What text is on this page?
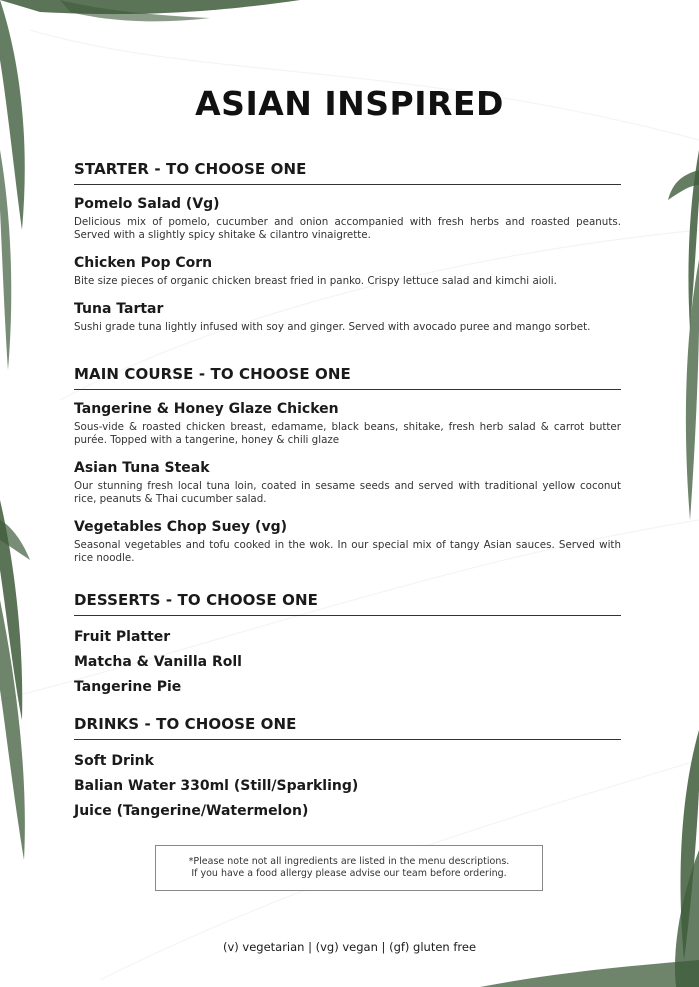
ASIAN INSPIRED
STARTER - TO CHOOSE ONE

Pomelo Salad (Vg)

Delicious mix of pomelo, cucumber and onion accompanied with fresh herbs and roasted peanuts. Served with a slightly spicy shitake & cilantro vinaigrette.

Chicken Pop Corn

Bite size pieces of organic chicken breast fried in panko. Crispy lettuce salad and kimchi aioli.

Tuna Tartar

Sushi grade tuna lightly infused with soy and ginger. Served with avocado puree and mango sorbet.

MAIN COURSE - TO CHOOSE ONE

Tangerine & Honey Glaze Chicken

Sous-vide & roasted chicken breast, edamame, black beans, shitake, fresh herb salad & carrot butter purée. Topped with a tangerine, honey & chili glaze

Asian Tuna Steak

Our stunning fresh local tuna loin, coated in sesame seeds and served with traditional yellow coconut rice, peanuts & Thai cucumber salad.

Vegetables Chop Suey (vg)

Seasonal vegetables and tofu cooked in the wok. In our special mix of tangy Asian sauces. Served with rice noodle.

DESSERTS - TO CHOOSE ONE

Fruit Platter

Matcha & Vanilla Roll

Tangerine Pie

DRINKS - TO CHOOSE ONE

Soft Drink

Balian Water 330ml (Still/Sparkling)

Juice (Tangerine/Watermelon)

*Please note not all ingredients are listed in the menu descriptions.
If you have a food allergy please advise our team before ordering.
(v) vegetarian | (vg) vegan | (gf) gluten free
